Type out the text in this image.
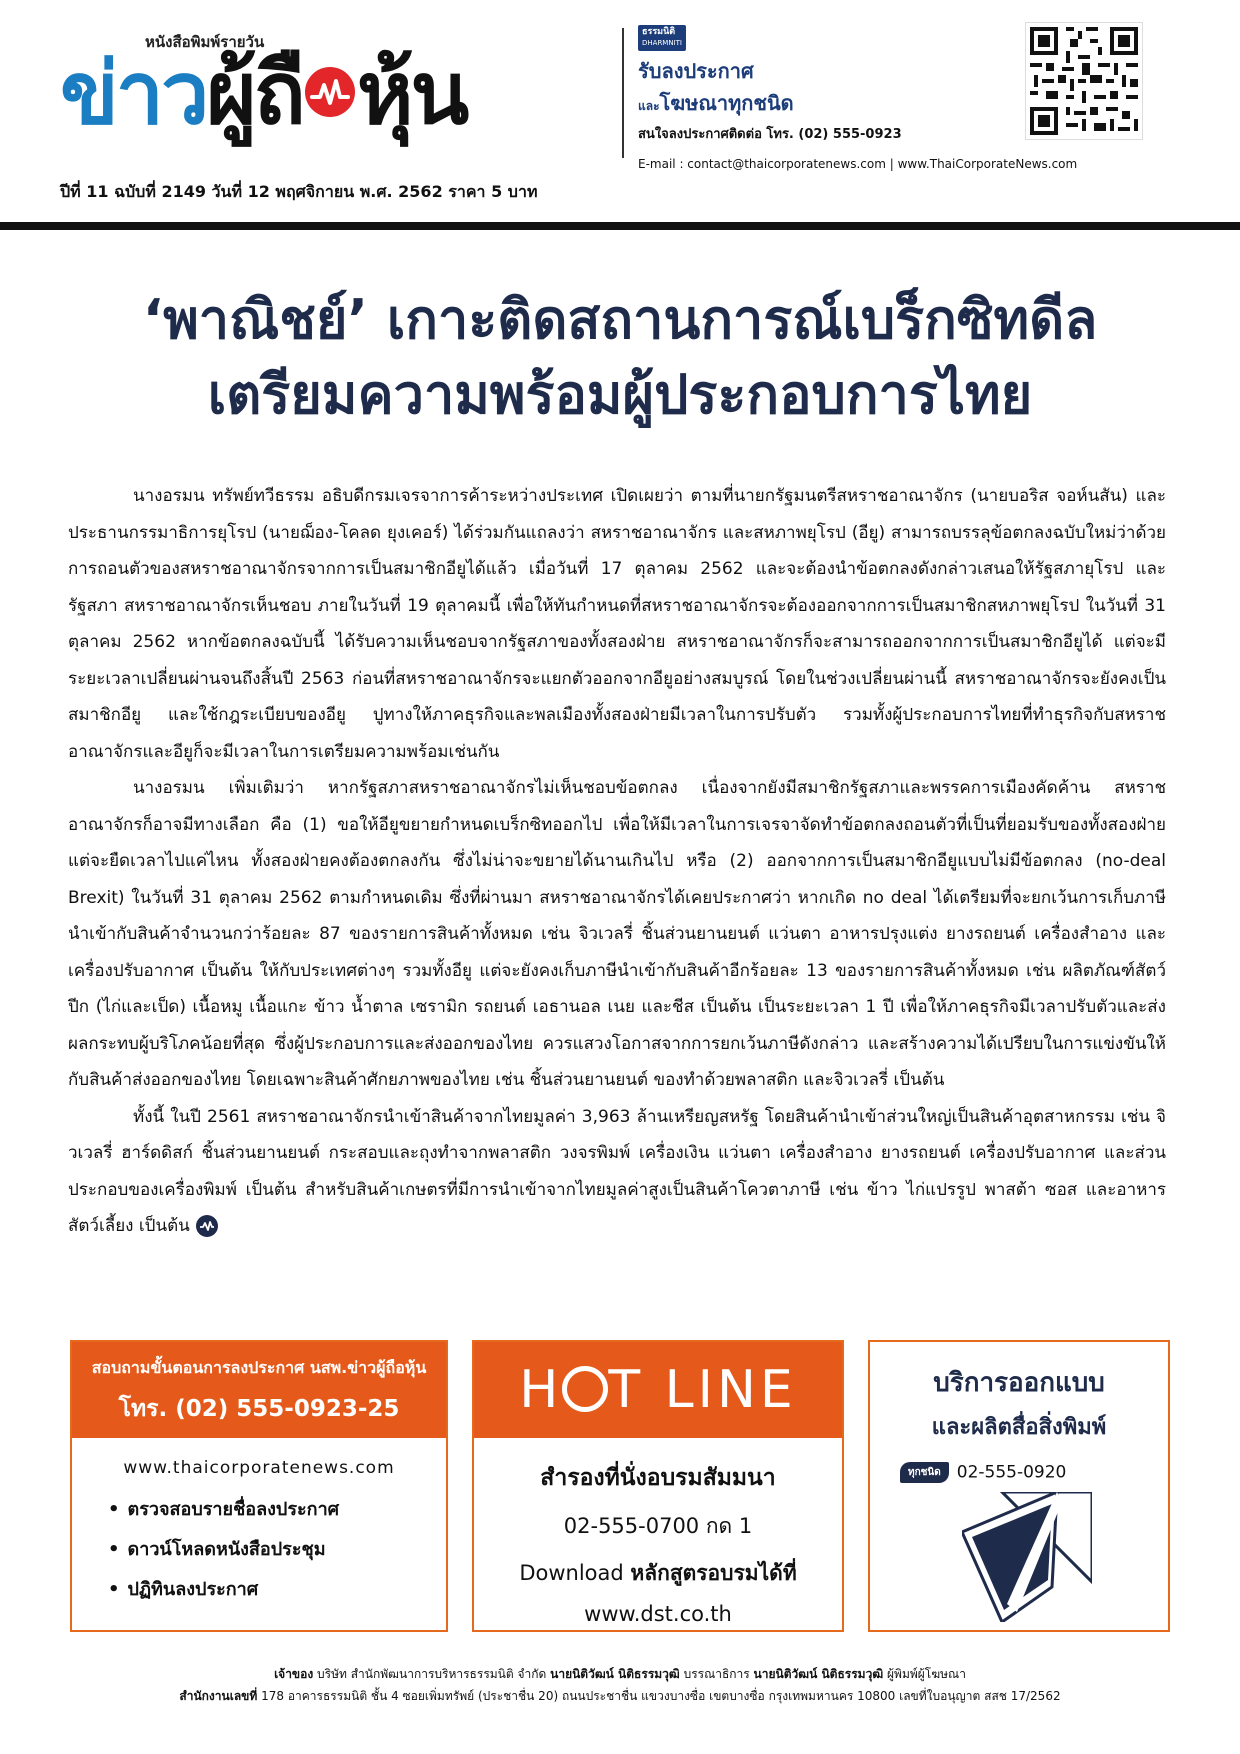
หนังสือพิมพ์รายวัน
ข่าวผู้ถื หุ้น
ปีที่ 11 ฉบับที่ 2149 วันที่ 12 พฤศจิกายน พ.ศ. 2562 ราคา 5 บาท
ธรรมนิติ
DHARMNITI
รับลงประกาศ
และโฆษณาทุกชนิด
สนใจลงประกาศติดต่อ โทร. (02) 555-0923
E-mail : contact@thaicorporatenews.com | www.ThaiCorporateNews.com
‘พาณิชย์’ เกาะติดสถานการณ์เบร็กซิทดีล
เตรียมความพร้อมผู้ประกอบการไทย

นางอรมน ทรัพย์ทวีธรรม อธิบดีกรมเจรจาการค้าระหว่างประเทศ เปิดเผยว่า ตามที่นายกรัฐมนตรีสหราชอาณาจักร (นายบอริส จอห์นสัน) และประธานกรรมาธิการยุโรป (นายฌ็อง-โคลด ยุงเคอร์) ได้ร่วมกันแถลงว่า สหราชอาณาจักร และสหภาพยุโรป (อียู) สามารถบรรลุข้อตกลงฉบับใหม่ว่าด้วยการถอนตัวของสหราชอาณาจักรจากการเป็นสมาชิกอียูได้แล้ว เมื่อวันที่ 17 ตุลาคม 2562 และจะต้องนำข้อตกลงดังกล่าวเสนอให้รัฐสภายุโรป และรัฐสภา สหราชอาณาจักรเห็นชอบ ภายในวันที่ 19 ตุลาคมนี้ เพื่อให้ทันกำหนดที่สหราชอาณาจักรจะต้องออกจากการเป็นสมาชิกสหภาพยุโรป ในวันที่ 31 ตุลาคม 2562 หากข้อตกลงฉบับนี้ ได้รับความเห็นชอบจากรัฐสภาของทั้งสองฝ่าย สหราชอาณาจักรก็จะสามารถออกจากการเป็นสมาชิกอียูได้ แต่จะมีระยะเวลาเปลี่ยนผ่านจนถึงสิ้นปี 2563 ก่อนที่สหราชอาณาจักรจะแยกตัวออกจากอียูอย่างสมบูรณ์ โดยในช่วงเปลี่ยนผ่านนี้ สหราชอาณาจักรจะยังคงเป็นสมาชิกอียู และใช้กฎระเบียบของอียู ปูทางให้ภาคธุรกิจและพลเมืองทั้งสองฝ่ายมีเวลาในการปรับตัว รวมทั้งผู้ประกอบการไทยที่ทำธุรกิจกับสหราชอาณาจักรและอียูก็จะมีเวลาในการเตรียมความพร้อมเช่นกัน

นางอรมน เพิ่มเติมว่า หากรัฐสภาสหราชอาณาจักรไม่เห็นชอบข้อตกลง เนื่องจากยังมีสมาชิกรัฐสภาและพรรคการเมืองคัดค้าน สหราชอาณาจักรก็อาจมีทางเลือก คือ (1) ขอให้อียูขยายกำหนดเบร็กซิทออกไป เพื่อให้มีเวลาในการเจรจาจัดทำข้อตกลงถอนตัวที่เป็นที่ยอมรับของทั้งสองฝ่าย แต่จะยืดเวลาไปแค่ไหน ทั้งสองฝ่ายคงต้องตกลงกัน ซึ่งไม่น่าจะขยายได้นานเกินไป หรือ (2) ออกจากการเป็นสมาชิกอียูแบบไม่มีข้อตกลง (no-deal Brexit) ในวันที่ 31 ตุลาคม 2562 ตามกำหนดเดิม ซึ่งที่ผ่านมา สหราชอาณาจักรได้เคยประกาศว่า หากเกิด no deal ได้เตรียมที่จะยกเว้นการเก็บภาษีนำเข้ากับสินค้าจำนวนกว่าร้อยละ 87 ของรายการสินค้าทั้งหมด เช่น จิวเวลรี่ ชิ้นส่วนยานยนต์ แว่นตา อาหารปรุงแต่ง ยางรถยนต์ เครื่องสำอาง และเครื่องปรับอากาศ เป็นต้น ให้กับประเทศต่างๆ รวมทั้งอียู แต่จะยังคงเก็บภาษีนำเข้ากับสินค้าอีกร้อยละ 13 ของรายการสินค้าทั้งหมด เช่น ผลิตภัณฑ์สัตว์ปีก (ไก่และเป็ด) เนื้อหมู เนื้อแกะ ข้าว น้ำตาล เซรามิก รถยนต์ เอธานอล เนย และชีส เป็นต้น เป็นระยะเวลา 1 ปี เพื่อให้ภาคธุรกิจมีเวลาปรับตัวและส่งผลกระทบผู้บริโภคน้อยที่สุด ซึ่งผู้ประกอบการและส่งออกของไทย ควรแสวงโอกาสจากการยกเว้นภาษีดังกล่าว และสร้างความได้เปรียบในการแข่งขันให้กับสินค้าส่งออกของไทย โดยเฉพาะสินค้าศักยภาพของไทย เช่น ชิ้นส่วนยานยนต์ ของทำด้วยพลาสติก และจิวเวลรี่ เป็นต้น

ทั้งนี้ ในปี 2561 สหราชอาณาจักรนำเข้าสินค้าจากไทยมูลค่า 3,963 ล้านเหรียญสหรัฐ โดยสินค้านำเข้าส่วนใหญ่เป็นสินค้าอุตสาหกรรม เช่น จิวเวลรี่ ฮาร์ดดิสก์ ชิ้นส่วนยานยนต์ กระสอบและถุงทำจากพลาสติก วงจรพิมพ์ เครื่องเงิน แว่นตา เครื่องสำอาง ยางรถยนต์ เครื่องปรับอากาศ และส่วนประกอบของเครื่องพิมพ์ เป็นต้น สำหรับสินค้าเกษตรที่มีการนำเข้าจากไทยมูลค่าสูงเป็นสินค้าโควตาภาษี เช่น ข้าว ไก่แปรรูป พาสต้า ซอส และอาหารสัตว์เลี้ยง เป็นต้น

สอบถามขั้นตอนการลงประกาศ นสพ.ข่าวผู้ถือหุ้น
โทร. (02) 555-0923-25
www.thaicorporatenews.com
• ตรวจสอบรายชื่อลงประกาศ
• ดาวน์โหลดหนังสือประชุม
• ปฏิทินลงประกาศ
H T LINE
สำรองที่นั่งอบรมสัมมนา
02-555-0700 กด 1
Download หลักสูตรอบรมได้ที่
www.dst.co.th
บริการออกแบบ
และผลิตสื่อสิ่งพิมพ์
ทุกชนิด 02-555-0920
เจ้าของ บริษัท สำนักพัฒนาการบริหารธรรมนิติ จำกัด นายนิติวัฒน์ นิติธรรมวุฒิ บรรณาธิการ นายนิติวัฒน์ นิติธรรมวุฒิ ผู้พิมพ์ผู้โฆษณา
สำนักงานเลขที่ 178 อาคารธรรมนิติ ชั้น 4 ซอยเพิ่มทรัพย์ (ประชาชื่น 20) ถนนประชาชื่น แขวงบางซื่อ เขตบางซื่อ กรุงเทพมหานคร 10800 เลขที่ใบอนุญาต สสช 17/2562
